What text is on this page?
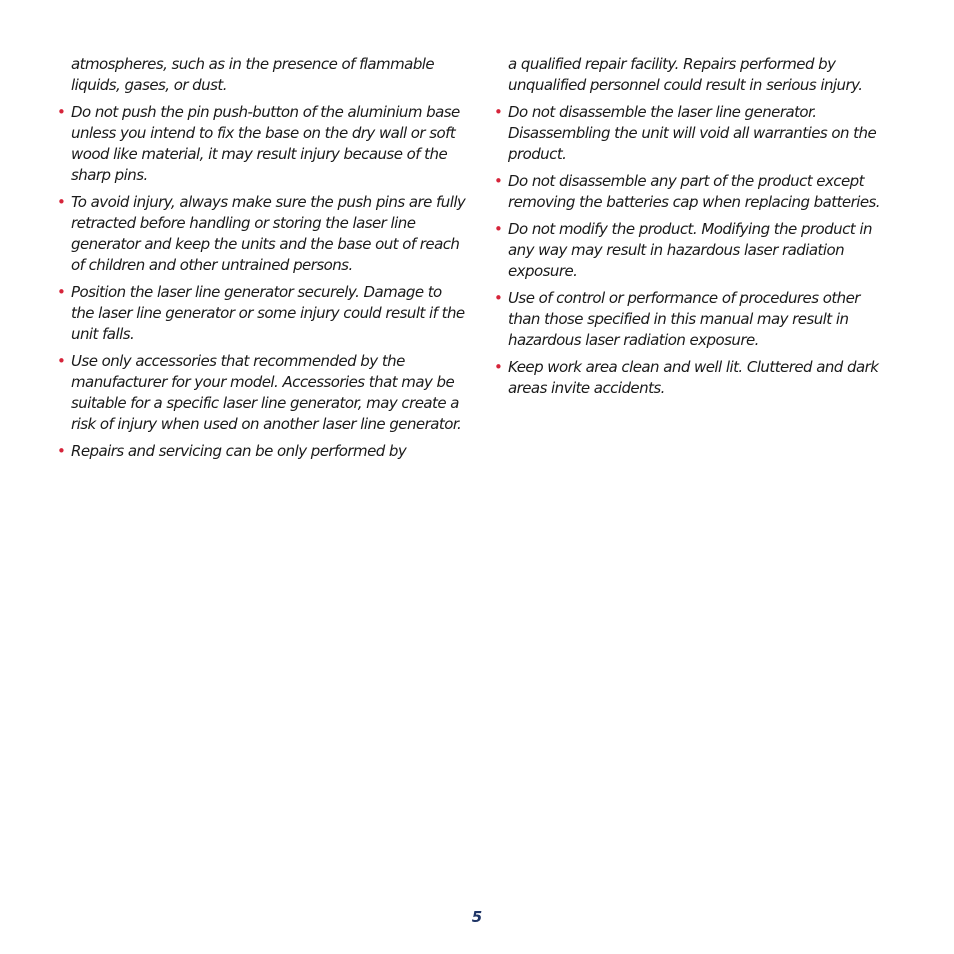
atmospheres, such as in the presence of flammable liquids, gases, or dust.

• Do not push the pin push-button of the aluminium base unless you intend to fix the base on the dry wall or soft wood like material, it may result injury because of the sharp pins.

• To avoid injury, always make sure the push pins are fully retracted before handling or storing the laser line generator and keep the units and the base out of reach of children and other untrained persons.

• Position the laser line generator securely. Damage to the laser line generator or some injury could result if the unit falls.

• Use only accessories that recommended by the manufacturer for your model. Accessories that may be suitable for a specific laser line generator, may create a risk of injury when used on another laser line generator.

• Repairs and servicing can be only performed by

a qualified repair facility. Repairs performed by unqualified personnel could result in serious injury.

• Do not disassemble the laser line generator. Disassembling the unit will void all warranties on the product.

• Do not disassemble any part of the product except removing the batteries cap when replacing batteries.

• Do not modify the product. Modifying the product in any way may result in hazardous laser radiation exposure.

• Use of control or performance of procedures other than those specified in this manual may result in hazardous laser radiation exposure.

• Keep work area clean and well lit. Cluttered and dark areas invite accidents.

5
